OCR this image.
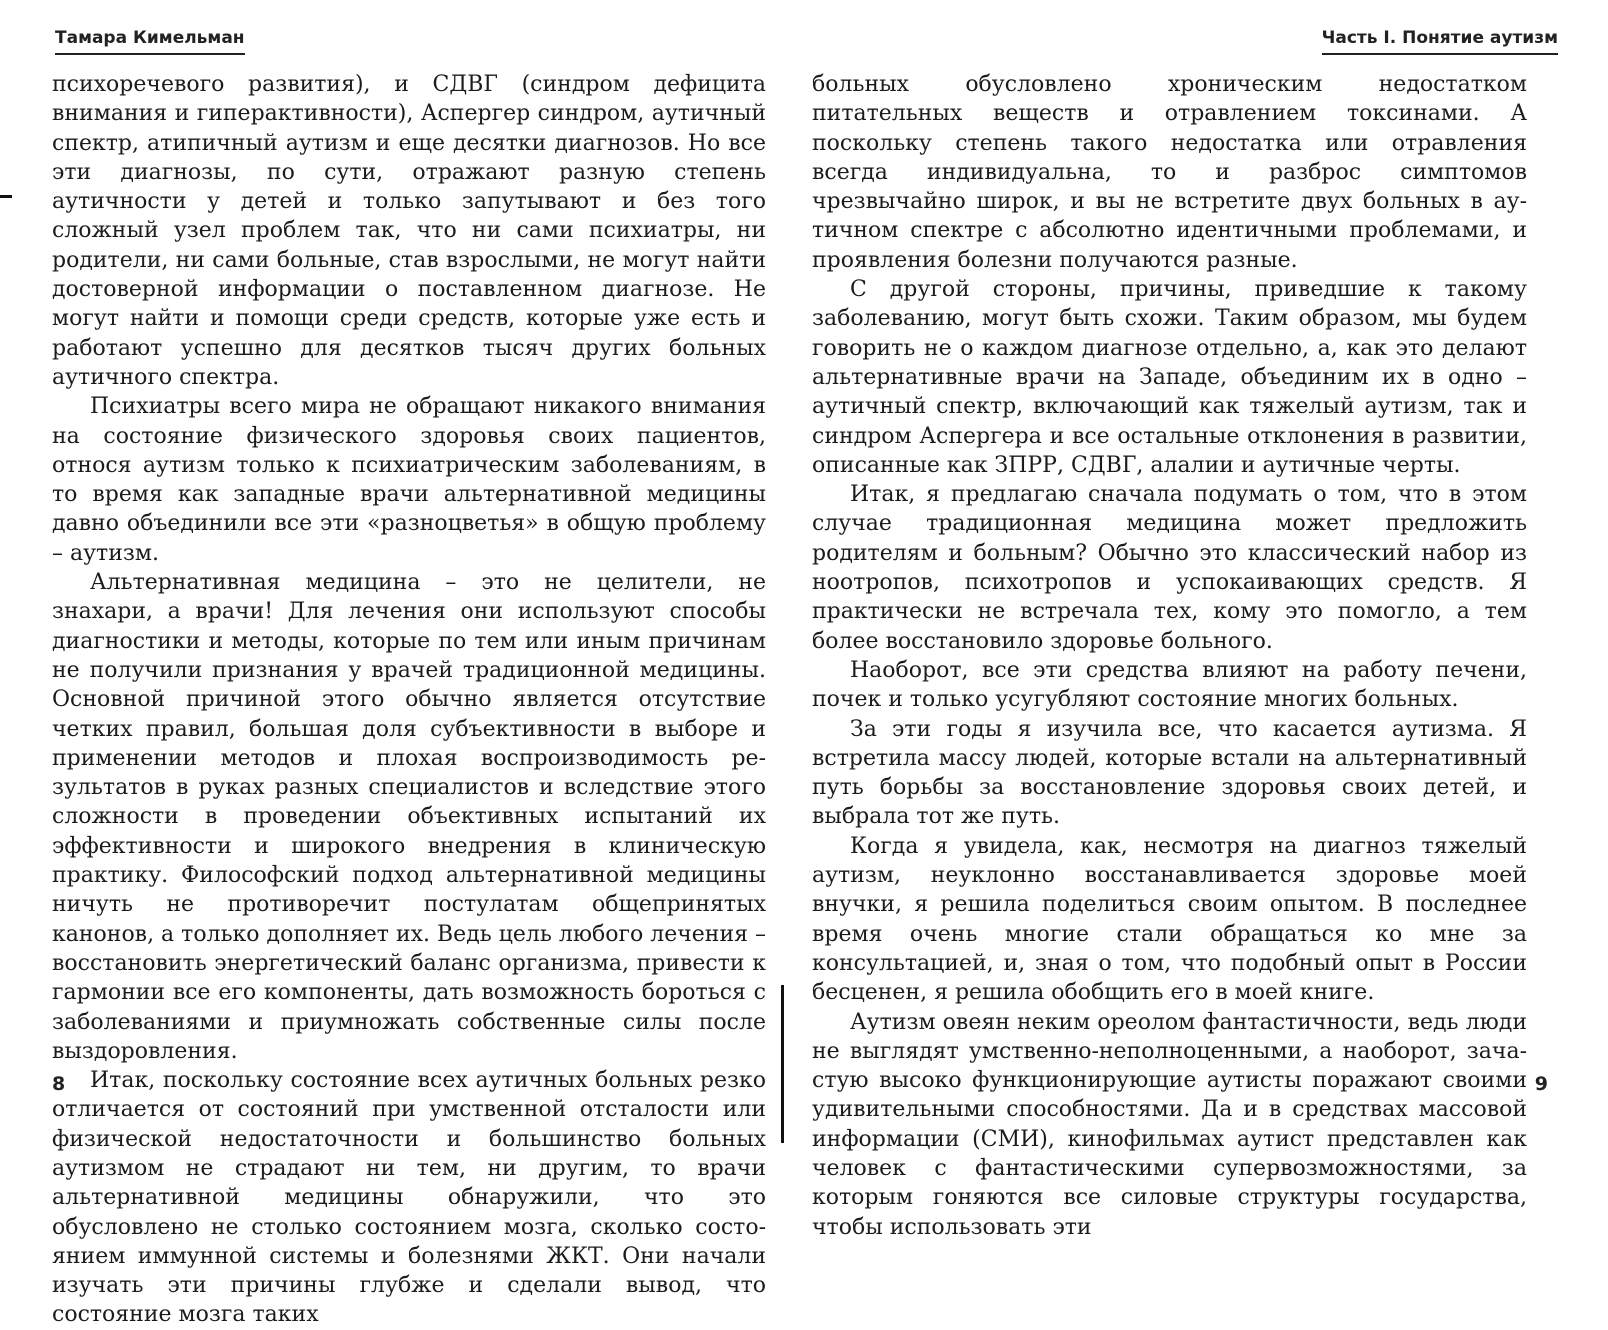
Тамара Кимельман

психоречевого развития), и СДВГ (синдром дефицита внимания и гиперактивности), Аспергер синдром, аутичный спектр, атипичный аутизм и еще десятки диагнозов. Но все эти диагнозы, по сути, отражают разную степень аутичности у детей и только запутывают и без того сложный узел проблем так, что ни сами психиатры, ни родители, ни сами больные, став взрослыми, не могут найти достоверной информации о поставленном диагнозе. Не могут найти и помощи среди средств, которые уже есть и работают успешно для десятков тысяч других больных аутичного спектра.

Психиатры всего мира не обращают никакого внимания на состояние физического здоровья своих пациентов, относя аутизм только к психиатрическим заболеваниям, в то время как западные врачи альтернативной медицины давно объединили все эти «разноцветья» в общую проблему – аутизм.

Альтернативная медицина – это не целители, не знахари, а врачи! Для лечения они используют способы диагностики и методы, которые по тем или иным причинам не получили признания у врачей традиционной медицины. Основной причиной этого обычно является отсутствие четких правил, большая доля субъективности в выборе и применении методов и плохая воспроизводимость результатов в руках разных специалистов и вследствие этого сложности в проведении объективных испытаний их эффективности и широкого внедрения в клиническую практику. Философский подход альтернативной медицины ничуть не противоречит постулатам общепринятых канонов, а только дополняет их. Ведь цель любого лечения – восстановить энергетический баланс организма, привести к гармонии все его компоненты, дать возможность бороться с заболеваниями и приумножать собственные силы после выздоровления.

Итак, поскольку состояние всех аутичных больных резко отличается от состояний при умственной отсталости или физической недостаточности и большинство больных аутизмом не страдают ни тем, ни другим, то врачи альтернативной медицины обнаружили, что это обусловлено не столько состоянием мозга, сколько состоянием иммунной системы и болезнями ЖКТ. Они начали изучать эти причины глубже и сделали вывод, что состояние мозга таких

8
Часть I. Понятие аутизм

больных обусловлено хроническим недостатком питательных веществ и отравлением токсинами. А поскольку степень такого недостатка или отравления всегда индивидуальна, то и разброс симптомов чрезвычайно широк, и вы не встретите двух больных в аутичном спектре с абсолютно идентичными проблемами, и проявления болезни получаются разные.

С другой стороны, причины, приведшие к такому заболеванию, могут быть схожи. Таким образом, мы будем говорить не о каждом диагнозе отдельно, а, как это делают альтернативные врачи на Западе, объединим их в одно – аутичный спектр, включающий как тяжелый аутизм, так и синдром Аспергера и все остальные отклонения в развитии, описанные как ЗПРР, СДВГ, алалии и аутичные черты.

Итак, я предлагаю сначала подумать о том, что в этом случае традиционная медицина может предложить родителям и больным? Обычно это классический набор из ноотропов, психотропов и успокаивающих средств. Я практически не встречала тех, кому это помогло, а тем более восстановило здоровье больного.

Наоборот, все эти средства влияют на работу печени, почек и только усугубляют состояние многих больных.

За эти годы я изучила все, что касается аутизма. Я встретила массу людей, которые встали на альтернативный путь борьбы за восстановление здоровья своих детей, и выбрала тот же путь.

Когда я увидела, как, несмотря на диагноз тяжелый аутизм, неуклонно восстанавливается здоровье моей внучки, я решила поделиться своим опытом. В последнее время очень многие стали обращаться ко мне за консультацией, и, зная о том, что подобный опыт в России бесценен, я решила обобщить его в моей книге.

Аутизм овеян неким ореолом фантастичности, ведь люди не выглядят умственно-неполноценными, а наоборот, зачастую высоко функционирующие аутисты поражают своими удивительными способностями. Да и в средствах массовой информации (СМИ), кинофильмах аутист представлен как человек с фантастическими супервозможностями, за которым гоняются все силовые структуры государства, чтобы использовать эти

9
